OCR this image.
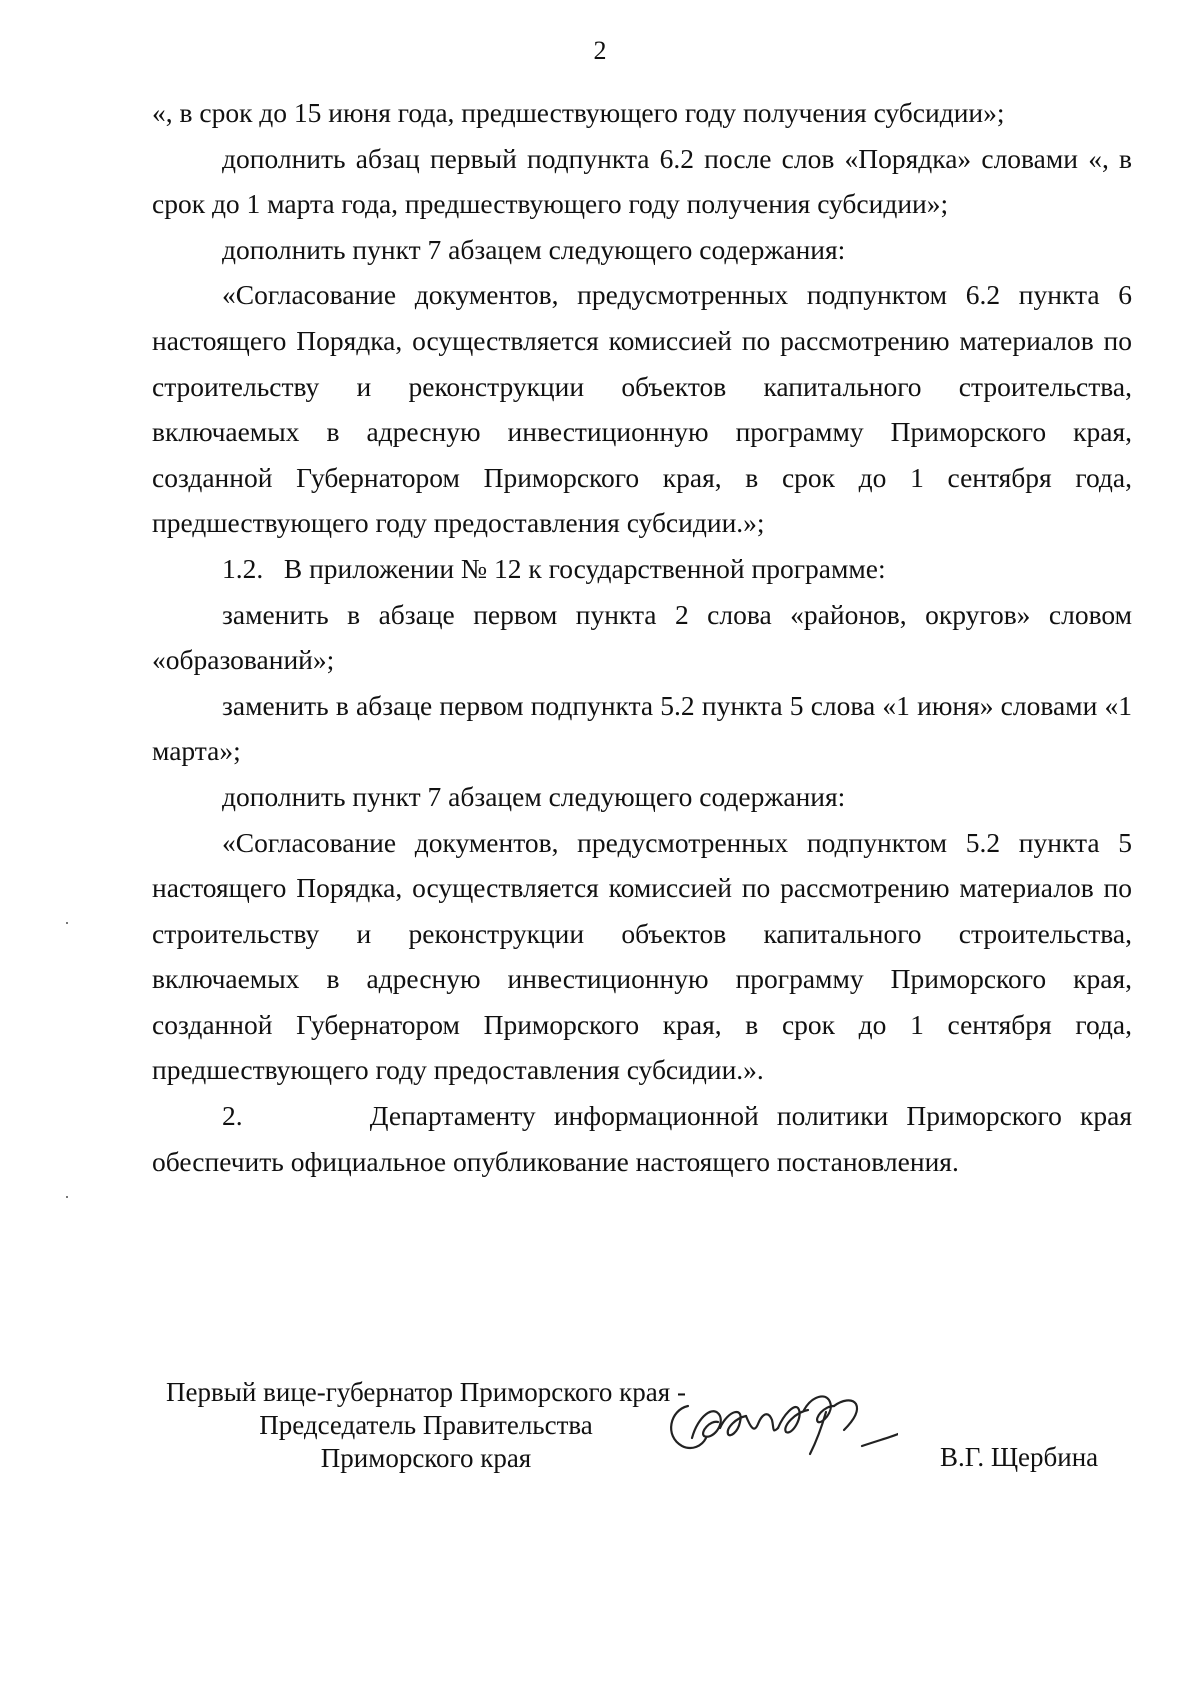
2

«, в срок до 15 июня года, предшествующего году получения субсидии»;

дополнить абзац первый подпункта 6.2 после слов «Порядка» словами «, в срок до 1 марта года, предшествующего году получения субсидии»;

дополнить пункт 7 абзацем следующего содержания:

«Согласование документов, предусмотренных подпунктом 6.2 пункта 6 настоящего Порядка, осуществляется комиссией по рассмотрению материалов по строительству и реконструкции объектов капитального строительства, включаемых в адресную инвестиционную программу Приморского края, созданной Губернатором Приморского края, в срок до 1 сентября года, предшествующего году предоставления субсидии.»;

1.2.   В приложении № 12 к государственной программе:

заменить в абзаце первом пункта 2 слова «районов, округов» словом «образований»;

заменить в абзаце первом подпункта 5.2 пункта 5 слова «1 июня» словами «1 марта»;

дополнить пункт 7 абзацем следующего содержания:

«Согласование документов, предусмотренных подпунктом 5.2 пункта 5 настоящего Порядка, осуществляется комиссией по рассмотрению материалов по строительству и реконструкции объектов капитального строительства, включаемых в адресную инвестиционную программу Приморского края, созданной Губернатором Приморского края, в срок до 1 сентября года, предшествующего году предоставления субсидии.».

2.       Департаменту информационной политики Приморского края обеспечить официальное опубликование настоящего постановления.

Первый вице-губернатор Приморского края -
Председатель Правительства
Приморского края	В.Г. Щербина
